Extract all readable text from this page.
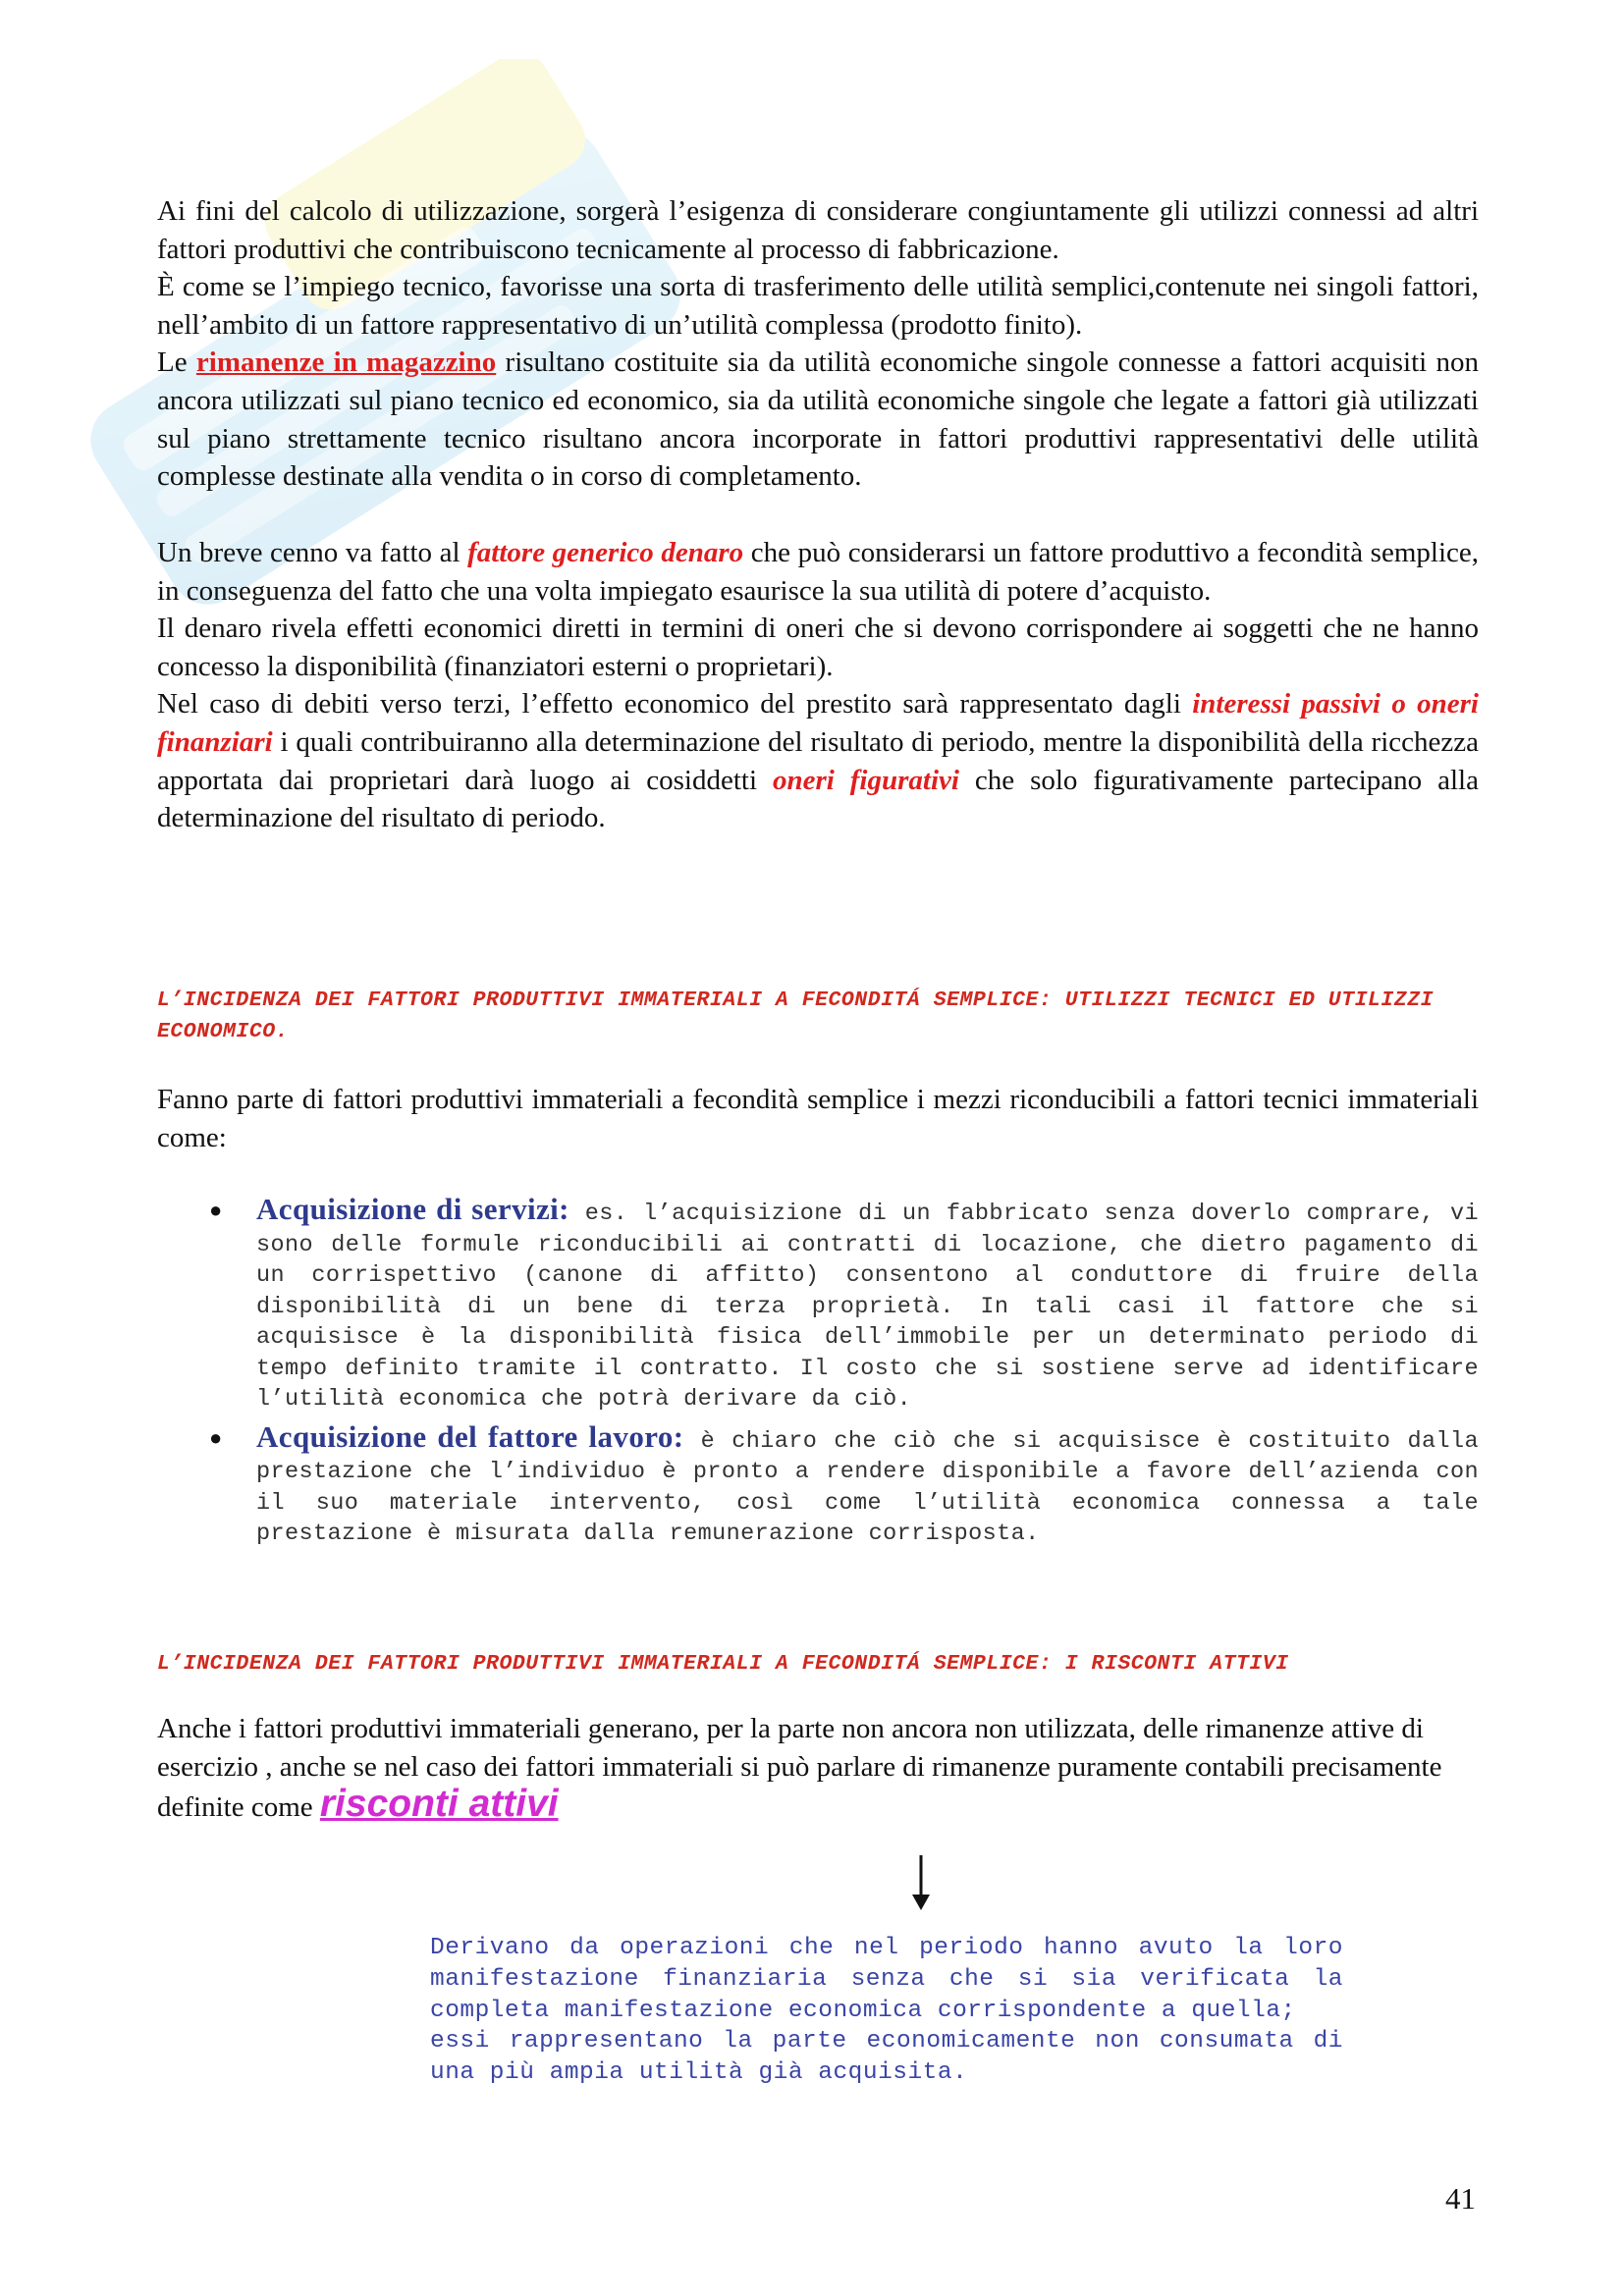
Ai fini del calcolo di utilizzazione, sorgerà l’esigenza di considerare congiuntamente gli utilizzi connessi ad altri fattori produttivi che contribuiscono tecnicamente al processo di fabbricazione.
È come se l’impiego tecnico, favorisse una sorta di trasferimento delle utilità semplici,contenute nei singoli fattori, nell’ambito di un fattore rappresentativo di un’utilità complessa (prodotto finito).
Le rimanenze in magazzino risultano costituite sia da utilità economiche singole connesse a fattori acquisiti non ancora utilizzati sul piano tecnico ed economico, sia da utilità economiche singole che legate a fattori già utilizzati sul piano strettamente tecnico risultano ancora incorporate in fattori produttivi rappresentativi delle utilità complesse destinate alla vendita o in corso di completamento.

Un breve cenno va fatto al fattore generico denaro che può considerarsi un fattore produttivo a fecondità semplice, in conseguenza del fatto che una volta impiegato esaurisce la sua utilità di potere d’acquisto.
Il denaro rivela effetti economici diretti in termini di oneri che si devono corrispondere ai soggetti che ne hanno concesso la disponibilità (finanziatori esterni o proprietari).
Nel caso di debiti verso terzi, l’effetto economico del prestito sarà rappresentato dagli interessi passivi o oneri finanziari i quali contribuiranno alla determinazione del risultato di periodo, mentre la disponibilità della ricchezza apportata dai proprietari darà luogo ai cosiddetti oneri figurativi che solo figurativamente partecipano alla determinazione del risultato di periodo.

L’INCIDENZA DEI FATTORI PRODUTTIVI IMMATERIALI A FECONDITÁ SEMPLICE: UTILIZZI TECNICI ED UTILIZZI ECONOMICO.

Fanno parte di fattori produttivi immateriali a fecondità semplice i mezzi riconducibili a fattori tecnici immateriali come:

● Acquisizione di servizi: es. l’acquisizione di un fabbricato senza doverlo comprare, vi sono delle formule riconducibili ai contratti di locazione, che dietro pagamento di un corrispettivo (canone di affitto) consentono al conduttore di fruire della disponibilità di un bene di terza proprietà. In tali casi il fattore che si acquisisce è la disponibilità fisica dell’immobile per un determinato periodo di tempo definito tramite il contratto. Il costo che si sostiene serve ad identificare l’utilità economica che potrà derivare da ciò.
● Acquisizione del fattore lavoro: è chiaro che ciò che si acquisisce è costituito dalla prestazione che l’individuo è pronto a rendere disponibile a favore dell’azienda con il suo materiale intervento, così come l’utilità economica connessa a tale prestazione è misurata dalla remunerazione corrisposta.

L’INCIDENZA DEI FATTORI PRODUTTIVI IMMATERIALI A FECONDITÁ SEMPLICE: I RISCONTI ATTIVI

Anche i fattori produttivi immateriali generano, per la parte non ancora non utilizzata, delle rimanenze attive di esercizio , anche se nel caso dei fattori immateriali si può parlare di rimanenze puramente contabili precisamente definite come risconti attivi

Derivano da operazioni che nel periodo hanno avuto la loro manifestazione finanziaria senza che si sia verificata la completa manifestazione economica corrispondente a quella;
essi rappresentano la parte economicamente non consumata di una più ampia utilità già acquisita.

41
